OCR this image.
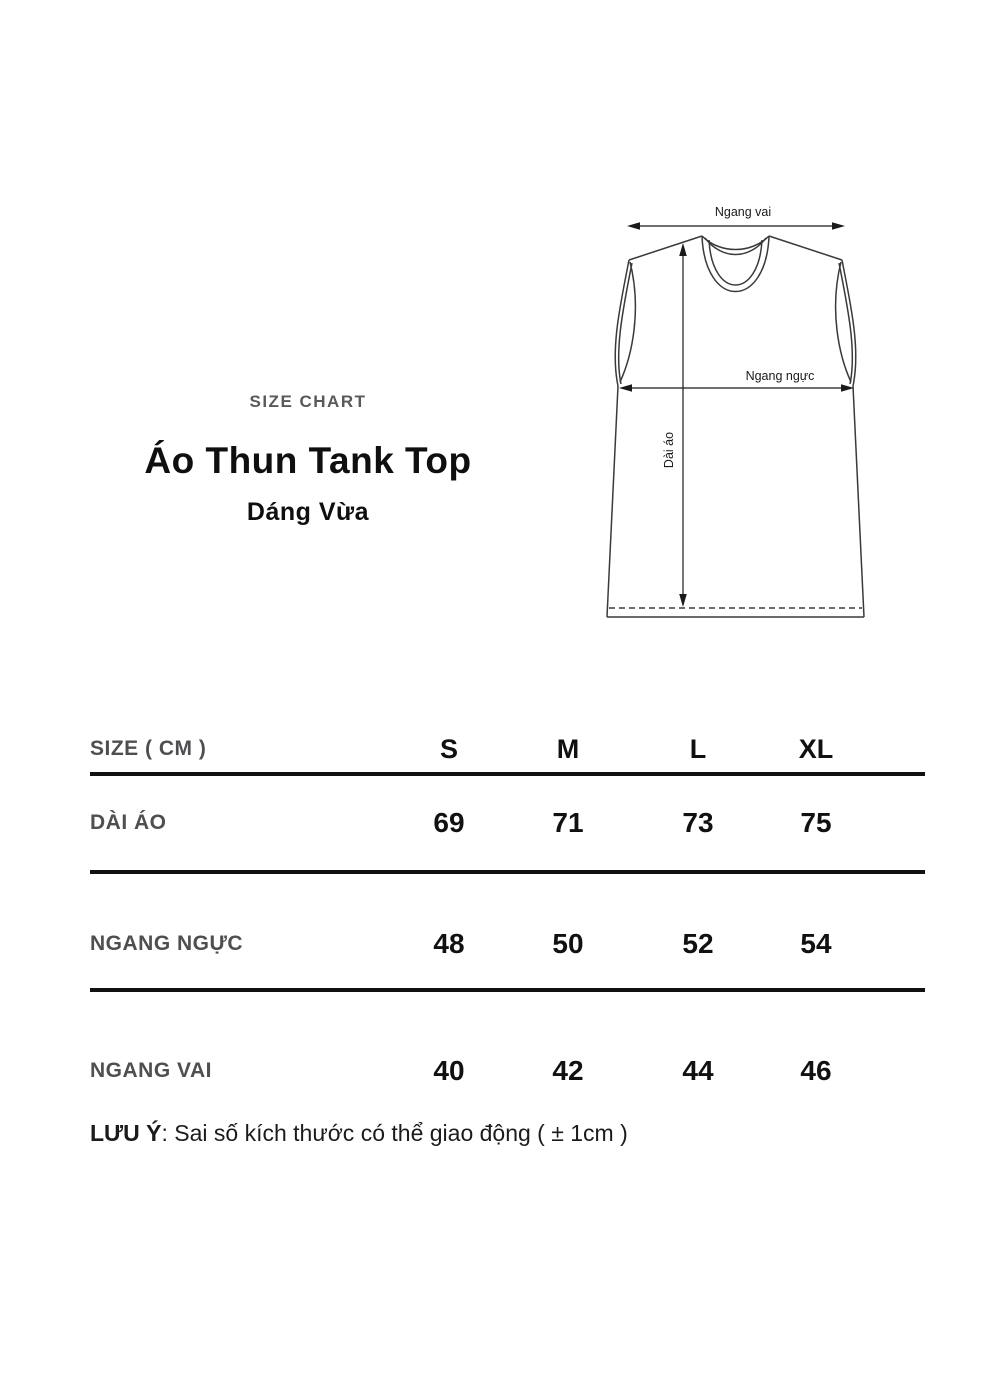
SIZE CHART
Áo Thun Tank Top
Dáng Vừa
Ngang vai
Ngang ngực
Dài áo
SIZE ( CM )	S	M	L	XL
DÀI ÁO	69	71	73	75
NGANG NGỰC	48	50	52	54
NGANG VAI	40	42	44	46
LƯU Ý: Sai số kích thước có thể giao động ( ± 1cm )
